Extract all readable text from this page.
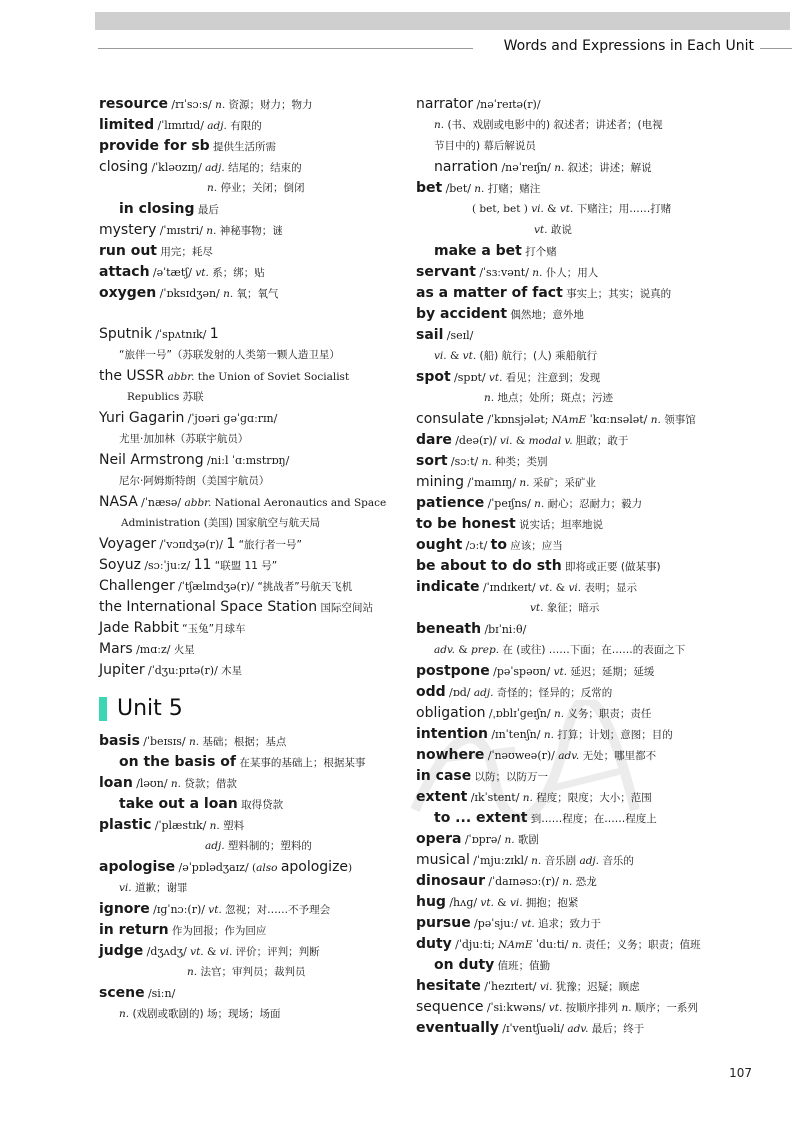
Words and Expressions in Each Unit
resource /rɪˈsɔːs/ n. 资源；财力；物力
limited /ˈlɪmɪtɪd/ adj. 有限的
provide for sb 提供生活所需
closing /ˈkləʊzɪŋ/ adj. 结尾的；结束的
n. 停业；关闭；倒闭
in closing 最后
mystery /ˈmɪstri/ n. 神秘事物；谜
run out 用完；耗尽
attach /əˈtætʃ/ vt. 系；绑；贴
oxygen /ˈɒksɪdʒən/ n. 氧；氧气
Sputnik /ˈspʌtnɪk/ 1
“旅伴一号”（苏联发射的人类第一颗人造卫星）
the USSR abbr. the Union of Soviet Socialist
Republics 苏联
Yuri Gagarin /ˈjʊəri ɡəˈɡɑːrɪn/
尤里·加加林（苏联宇航员）
Neil Armstrong /niːl ˈɑːmstrɒŋ/
尼尔·阿姆斯特朗（美国宇航员）
NASA /ˈnæsə/ abbr. National Aeronautics and Space
Administration (美国) 国家航空与航天局
Voyager /ˈvɔɪɪdʒə(r)/ 1 “旅行者一号”
Soyuz /sɔːˈjuːz/ 11 “联盟 11 号”
Challenger /ˈtʃælɪndʒə(r)/ “挑战者”号航天飞机
the International Space Station 国际空间站
Jade Rabbit “玉兔”月球车
Mars /mɑːz/ 火星
Jupiter /ˈdʒuːpɪtə(r)/ 木星
Unit 5
basis /ˈbeɪsɪs/ n. 基础；根据；基点
on the basis of 在某事的基础上；根据某事
loan /ləʊn/ n. 贷款；借款
take out a loan 取得贷款
plastic /ˈplæstɪk/ n. 塑料
adj. 塑料制的；塑料的
apologise /əˈpɒlədʒaɪz/ (also apologize)
vi. 道歉；谢罪
ignore /ɪɡˈnɔː(r)/ vt. 忽视；对……不予理会
in return 作为回报；作为回应
judge /dʒʌdʒ/ vt. & vi. 评价；评判；判断
n. 法官；审判员；裁判员
scene /siːn/
n. (戏剧或歌剧的) 场；现场；场面
narrator /nəˈreɪtə(r)/
n. (书、戏剧或电影中的) 叙述者；讲述者；(电视
节目中的) 幕后解说员
narration /nəˈreɪʃn/ n. 叙述；讲述；解说
bet /bet/ n. 打赌；赌注
( bet, bet ) vi. & vt. 下赌注；用……打赌
vt. 敢说
make a bet 打个赌
servant /ˈsɜːvənt/ n. 仆人；用人
as a matter of fact 事实上；其实；说真的
by accident 偶然地；意外地
sail /seɪl/
vi. & vt. (船) 航行；(人) 乘船航行
spot /spɒt/ vt. 看见；注意到；发现
n. 地点；处所；斑点；污迹
consulate /ˈkɒnsjələt; NAmE ˈkɑːnsələt/ n. 领事馆
dare /deə(r)/ vi. & modal v. 胆敢；敢于
sort /sɔːt/ n. 种类；类别
mining /ˈmaɪnɪŋ/ n. 采矿；采矿业
patience /ˈpeɪʃns/ n. 耐心；忍耐力；毅力
to be honest 说实话；坦率地说
ought /ɔːt/ to 应该；应当
be about to do sth 即将或正要 (做某事)
indicate /ˈɪndɪkeɪt/ vt. & vi. 表明；显示
vt. 象征；暗示
beneath /bɪˈniːθ/
adv. & prep. 在 (或往) ……下面；在……的表面之下
postpone /pəˈspəʊn/ vt. 延迟；延期；延缓
odd /ɒd/ adj. 奇怪的；怪异的；反常的
obligation /ˌɒblɪˈɡeɪʃn/ n. 义务；职责；责任
intention /ɪnˈtenʃn/ n. 打算；计划；意图；目的
nowhere /ˈnəʊweə(r)/ adv. 无处；哪里都不
in case 以防；以防万一
extent /ɪkˈstent/ n. 程度；限度；大小；范围
to ... extent 到……程度；在……程度上
opera /ˈɒprə/ n. 歌剧
musical /ˈmjuːzɪkl/ n. 音乐剧 adj. 音乐的
dinosaur /ˈdaɪnəsɔː(r)/ n. 恐龙
hug /hʌɡ/ vt. & vi. 拥抱；抱紧
pursue /pəˈsjuː/ vt. 追求；致力于
duty /ˈdjuːti; NAmE ˈduːti/ n. 责任；义务；职责；值班
on duty 值班；值勤
hesitate /ˈhezɪteɪt/ vi. 犹豫；迟疑；顾虑
sequence /ˈsiːkwəns/ vt. 按顺序排列 n. 顺序；一系列
eventually /ɪˈventʃuəli/ adv. 最后；终于
107
